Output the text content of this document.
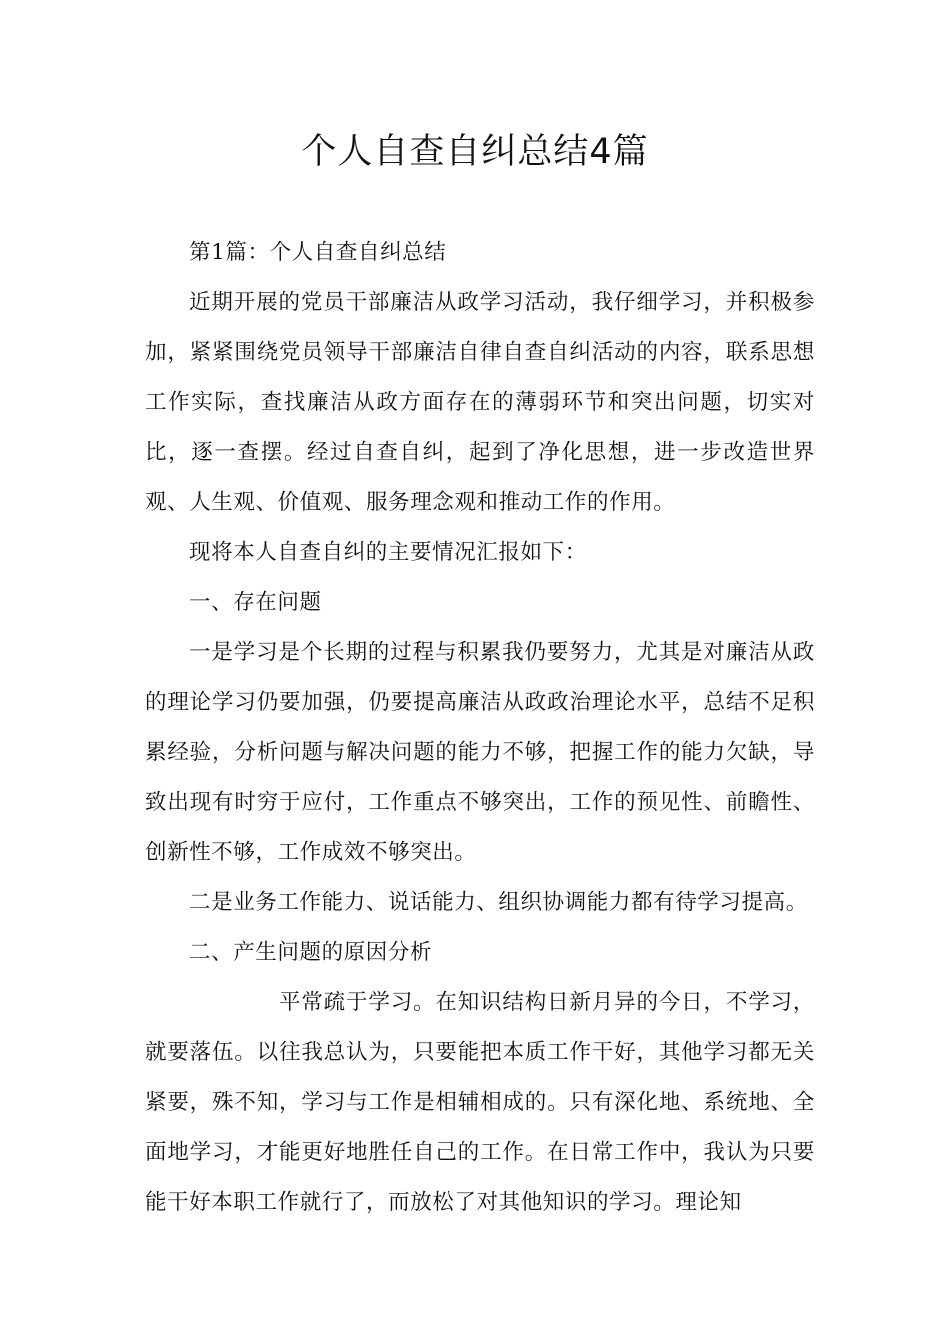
个人自查自纠总结4篇

第1篇：个人自查自纠总结

近期开展的党员干部廉洁从政学习活动，我仔细学习，并积极参加，紧紧围绕党员领导干部廉洁自律自查自纠活动的内容，联系思想工作实际，查找廉洁从政方面存在的薄弱环节和突出问题，切实对比，逐一查摆。经过自查自纠，起到了净化思想，进一步改造世界观、人生观、价值观、服务理念观和推动工作的作用。

现将本人自查自纠的主要情况汇报如下：

一、存在问题

一是学习是个长期的过程与积累我仍要努力，尤其是对廉洁从政的理论学习仍要加强，仍要提高廉洁从政政治理论水平，总结不足积累经验，分析问题与解决问题的能力不够，把握工作的能力欠缺，导致出现有时穷于应付，工作重点不够突出，工作的预见性、前瞻性、创新性不够，工作成效不够突出。

二是业务工作能力、说话能力、组织协调能力都有待学习提高。

二、产生问题的原因分析

平常疏于学习。在知识结构日新月异的今日，不学习，就要落伍。以往我总认为，只要能把本质工作干好，其他学习都无关紧要，殊不知，学习与工作是相辅相成的。只有深化地、系统地、全面地学习，才能更好地胜任自己的工作。在日常工作中，我认为只要能干好本职工作就行了，而放松了对其他知识的学习。理论知
